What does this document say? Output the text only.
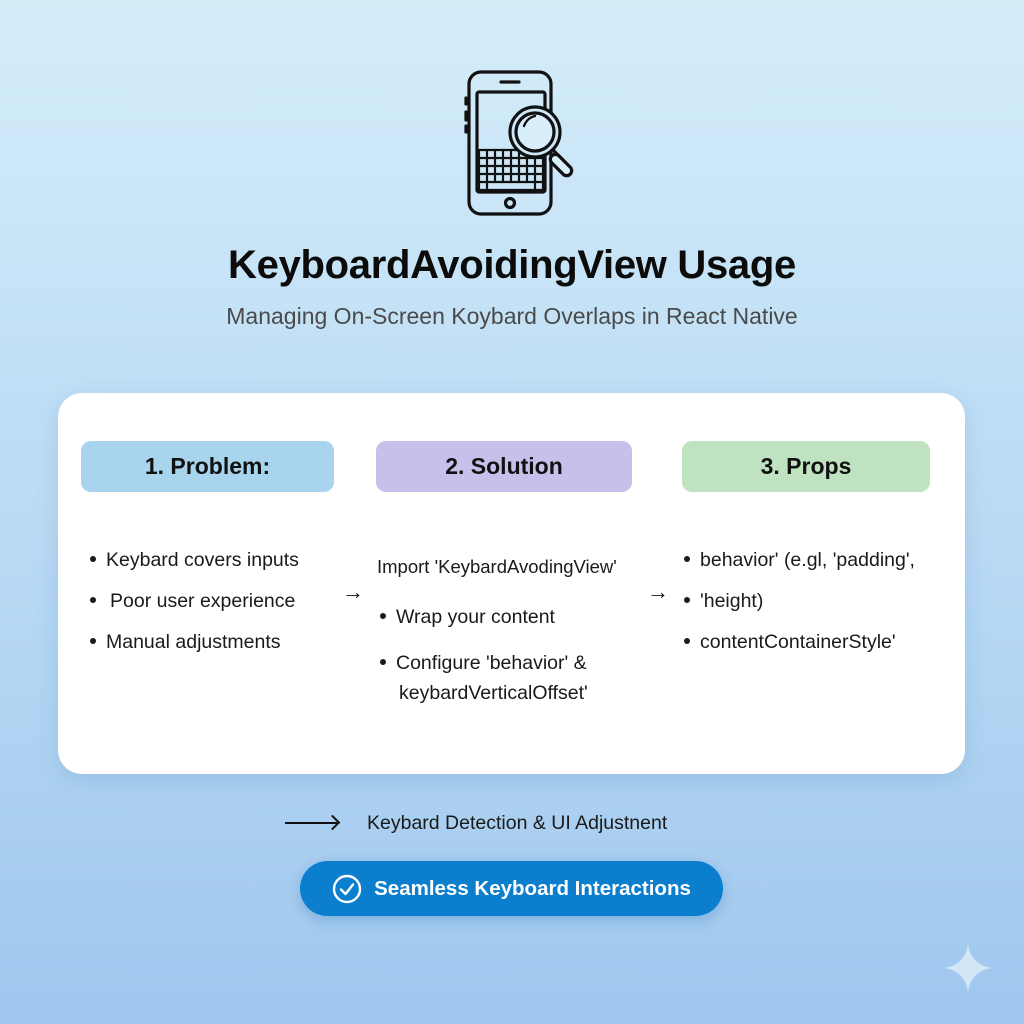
KeyboardAvoidingView Usage
Managing On-Screen Koybard Overlaps in React Native
1. Problem:	2. Solution	3. Props
Keybard covers inputs
Poor user experience
Manual adjustments
→
Import 'KeybardAvodingView'
Wrap your content
Configure 'behavior' &
keybardVerticalOffset'
→
behavior' (e.gl, 'padding',
'height)
contentContainerStyle'
Keybard Detection & UI Adjustnent
Seamless Keyboard Interactions
